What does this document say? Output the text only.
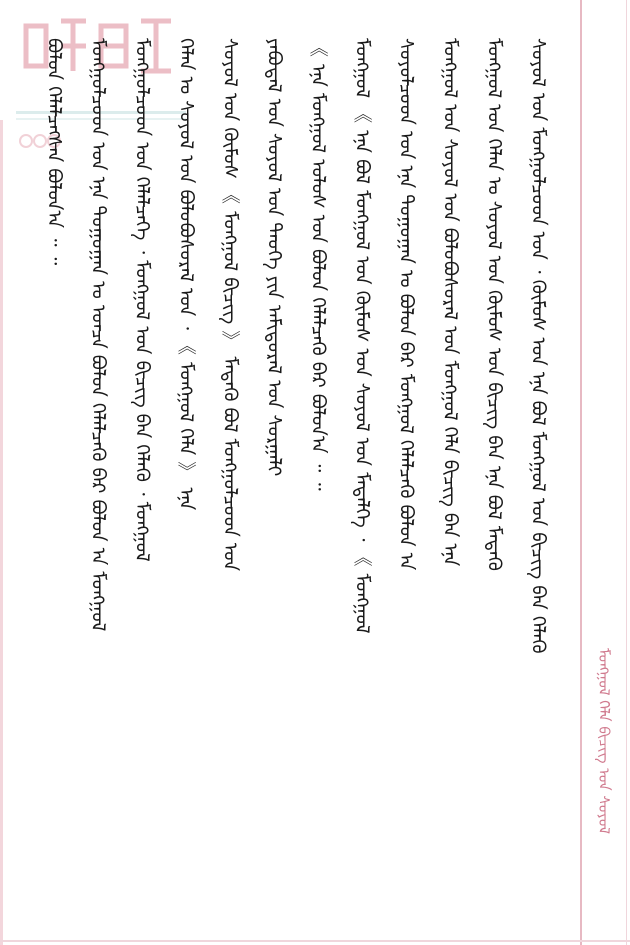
ᠪᠣᠯᠤᠨ ᠬᠡᠯᠡᠯᠴᠡᠭ᠌ᠰᠡᠨ ᠪᠣᠯᠤᠨ᠎ᠠ ᠃ ᠃	ᠮᠣᠩᠭᠣᠯᠴᠤᠳ ᠤᠨ ᠡᠨᠡ ᠲᠣᠭᠣᠭᠠᠨ ᠤ ᠣᠨᠴᠠ ᠪᠣᠯᠤᠨ ᠬᠡᠯᠡᠯᠴᠡᠬᠦ ᠪᠡᠷ ᠪᠣᠯᠤᠨ ᠠ ᠮᠣᠩᠭᠣᠯ	ᠮᠣᠩᠭᠣᠯᠴᠤᠳ ᠤᠨ ᠬᠡᠯᠡᠯᠴᠡᠭᠡ ᠂ ᠮᠣᠩᠭᠣᠯ ᠤᠨ ᠪᠢᠴᠢᠭ ᠪᠠᠨ ᠬᠡᠯᠡᠬᠦ ᠂ ᠮᠣᠩᠭᠣᠯ	ᠬᠡᠯᠡᠨ ᠤ ᠰᠣᠶᠣᠯ ᠤᠨ ᠪᠣᠯᠣᠪᠤᠰᠤᠷᠠᠯ ᠤᠨ ᠂ 《 ᠮᠣᠩᠭᠣᠯ ᠬᠡᠯᠡ 》 ᠡᠨᠡ	ᠰᠣᠶᠣᠯ ᠤᠨ ᠬᠦᠮᠦᠰ 《 ᠮᠣᠩᠭᠣᠯ ᠪᠢᠴᠢᠭ 》 ᠮᠡᠳᠡᠬᠦ ᠪᠣᠯ ᠮᠣᠩᠭᠣᠯᠴᠤᠳ ᠤᠨ	ᠶᠠᠪᠤᠳᠠᠯ ᠤᠨ ᠰᠣᠶᠣᠯ ᠤᠨ ᠲᠡᠦᠬᠡ ᠶᠢᠨ ᠠᠮᠢᠳᠤᠷᠠᠯ ᠤᠨ ᠰᠤᠷᠭᠠᠯᠢ	《 ᠡᠨᠡ ᠮᠣᠩᠭᠣᠯ ᠤᠯᠤᠰ ᠤᠨ ᠪᠣᠯᠤᠨ ᠬᠡᠯᠡᠯᠴᠡᠬᠦ ᠪᠡᠷ ᠪᠣᠯᠤᠨ᠎ᠠ ᠃ ᠃	ᠮᠣᠩᠭᠣᠯ 《 ᠡᠨᠡ ᠪᠣᠯ ᠮᠣᠩᠭᠣᠯ ᠤᠨ ᠬᠦᠮᠦᠰ ᠤᠨ ᠰᠣᠶᠣᠯ ᠤᠨ ᠮᠡᠳᠡᠯᠭᠡ ᠂ 《 ᠮᠣᠩᠭᠣᠯ	ᠰᠣᠶᠣᠯᠴᠤᠳ ᠤᠨ ᠡᠨᠡ ᠲᠣᠭᠣᠭᠠᠨ ᠤ ᠪᠣᠯᠤᠨ ᠪᠠᠷ ᠮᠣᠩᠭᠣᠯ ᠬᠡᠯᠡᠯᠴᠡᠬᠦ ᠪᠣᠯᠤᠨ ᠠ	ᠮᠣᠩᠭᠣᠯ ᠤᠨ ᠰᠣᠶᠣᠯ ᠤᠨ ᠪᠣᠯᠣᠪᠤᠰᠤᠷᠠᠯ ᠤᠨ ᠮᠣᠩᠭᠣᠯ ᠬᠡᠯᠡ ᠪᠢᠴᠢᠭ ᠪᠠᠨ ᠡᠨᠡ	ᠮᠣᠩᠭᠣᠯ ᠤᠨ ᠬᠡᠯᠡᠨ ᠤ ᠰᠣᠶᠣᠯ ᠤᠨ ᠬᠦᠮᠦᠰ ᠤᠨ ᠪᠢᠴᠢᠭ ᠪᠠᠨ ᠡᠨᠡ ᠪᠣᠯ ᠮᠡᠳᠡᠬᠦ	ᠰᠣᠶᠣᠯ ᠤᠨ ᠮᠣᠩᠭᠣᠯᠴᠤᠳ ᠤᠨ ᠂ ᠬᠦᠮᠦᠰ ᠤᠨ ᠡᠨᠡ ᠪᠣᠯ ᠮᠣᠩᠭᠣᠯ ᠤᠨ ᠪᠢᠴᠢᠭ ᠪᠠᠨ ᠬᠡᠯᠡᠬᠦ
ᠮᠣᠩᠭᠣᠯ ᠬᠡᠯᠡ ᠪᠢᠴᠢᠭ ᠤᠨ ᠰᠣᠶᠣᠯ
